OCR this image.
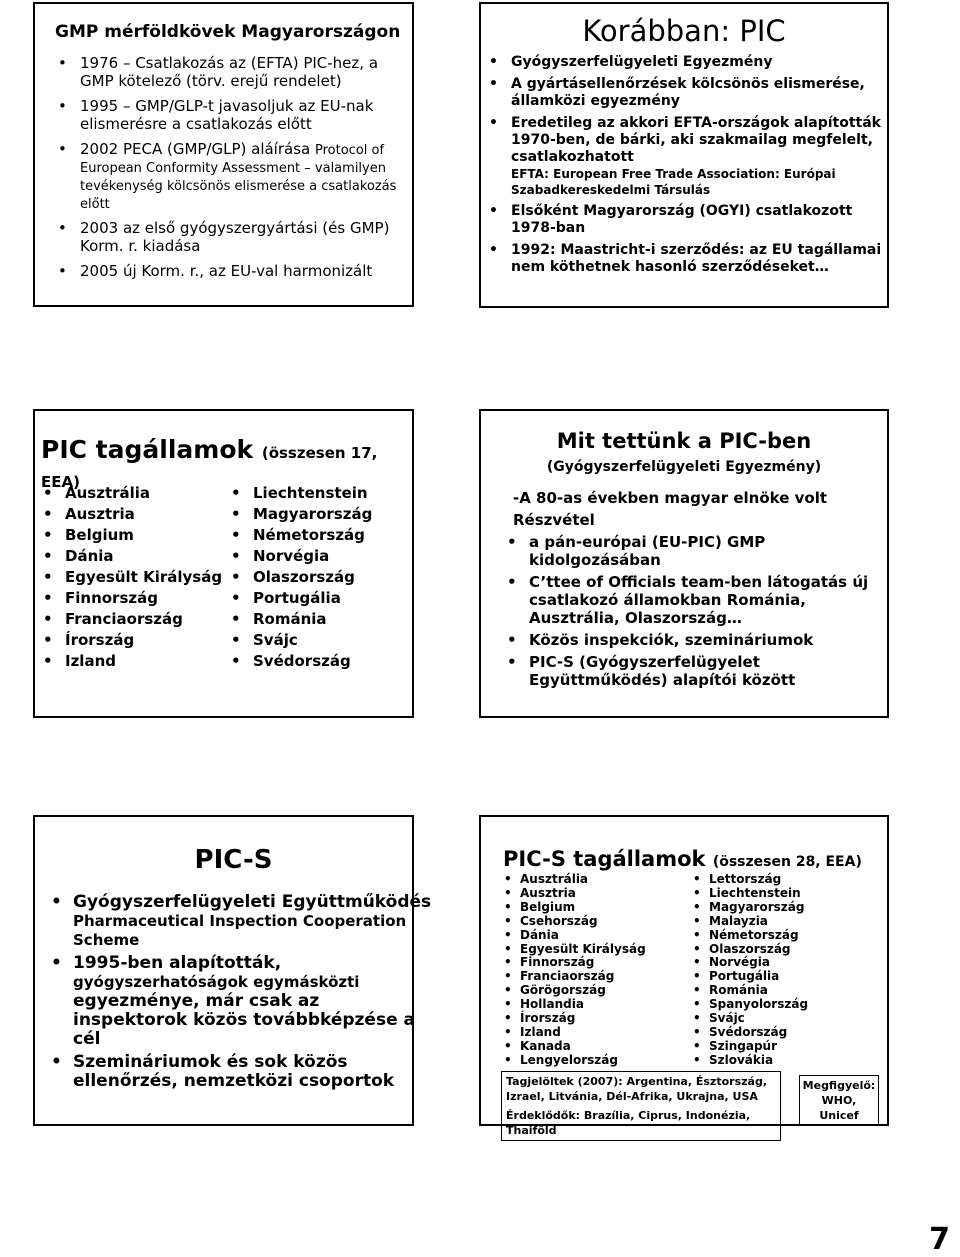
GMP mérföldkövek Magyarországon
• 1976 – Csatlakozás az (EFTA) PIC-hez, a GMP kötelező (törv. erejű rendelet)
• 1995 – GMP/GLP-t javasoljuk az EU-nak elismerésre a csatlakozás előtt
• 2002 PECA (GMP/GLP) aláírása Protocol of European Conformity Assessment – valamilyen tevékenység kölcsönös elismerése a csatlakozás előtt
• 2003 az első gyógyszergyártási (és GMP) Korm. r. kiadása
• 2005 új Korm. r., az EU-val harmonizált
Korábban: PIC
• Gyógyszerfelügyeleti Egyezmény
• A gyártásellenőrzések kölcsönös elismerése, államközi egyezmény
• Eredetileg az akkori EFTA-országok alapították 1970-ben, de bárki, aki szakmailag megfelelt, csatlakozhatott
EFTA: European Free Trade Association: Európai Szabadkereskedelmi Társulás
• Elsőként Magyarország (OGYI) csatlakozott 1978-ban
• 1992: Maastricht-i szerződés: az EU tagállamai nem köthetnek hasonló szerződéseket…
PIC tagállamok (összesen 17, EEA)
• Ausztrália
• Ausztria
• Belgium
• Dánia
• Egyesült Királyság
• Finnország
• Franciaország
• Írország
• Izland
• Liechtenstein
• Magyarország
• Németország
• Norvégia
• Olaszország
• Portugália
• Románia
• Svájc
• Svédország
Mit tettünk a PIC-ben
(Gyógyszerfelügyeleti Egyezmény)

-A 80-as években magyar elnöke volt

Részvétel

• a pán-európai (EU-PIC) GMP kidolgozásában
• C’ttee of Officials team-ben látogatás új csatlakozó államokban Románia, Ausztrália, Olaszország…
• Közös inspekciók, szemináriumok
• PIC-S (Gyógyszerfelügyelet Együttműködés) alapítói között
PIC-S
• Gyógyszerfelügyeleti Együttműködés Pharmaceutical Inspection Cooperation Scheme
• 1995-ben alapították, gyógyszerhatóságok egymásközti egyezménye, már csak az inspektorok közös továbbképzése a cél
• Szemináriumok és sok közös ellenőrzés, nemzetközi csoportok
PIC-S tagállamok (összesen 28, EEA)
• Ausztrália
• Ausztria
• Belgium
• Csehország
• Dánia
• Egyesült Királyság
• Finnország
• Franciaország
• Görögország
• Hollandia
• Írország
• Izland
• Kanada
• Lengyelország
• Lettország
• Liechtenstein
• Magyarország
• Malayzia
• Németország
• Olaszország
• Norvégia
• Portugália
• Románia
• Spanyolország
• Svájc
• Svédország
• Szingapúr
• Szlovákia
Tagjelöltek (2007): Argentina, Észtország, Izrael, Litvánia, Dél-Afrika, Ukrajna, USA
Érdeklődők: Brazília, Ciprus, Indonézia, Thaiföld
Megfigyelő: WHO, Unicef
7
